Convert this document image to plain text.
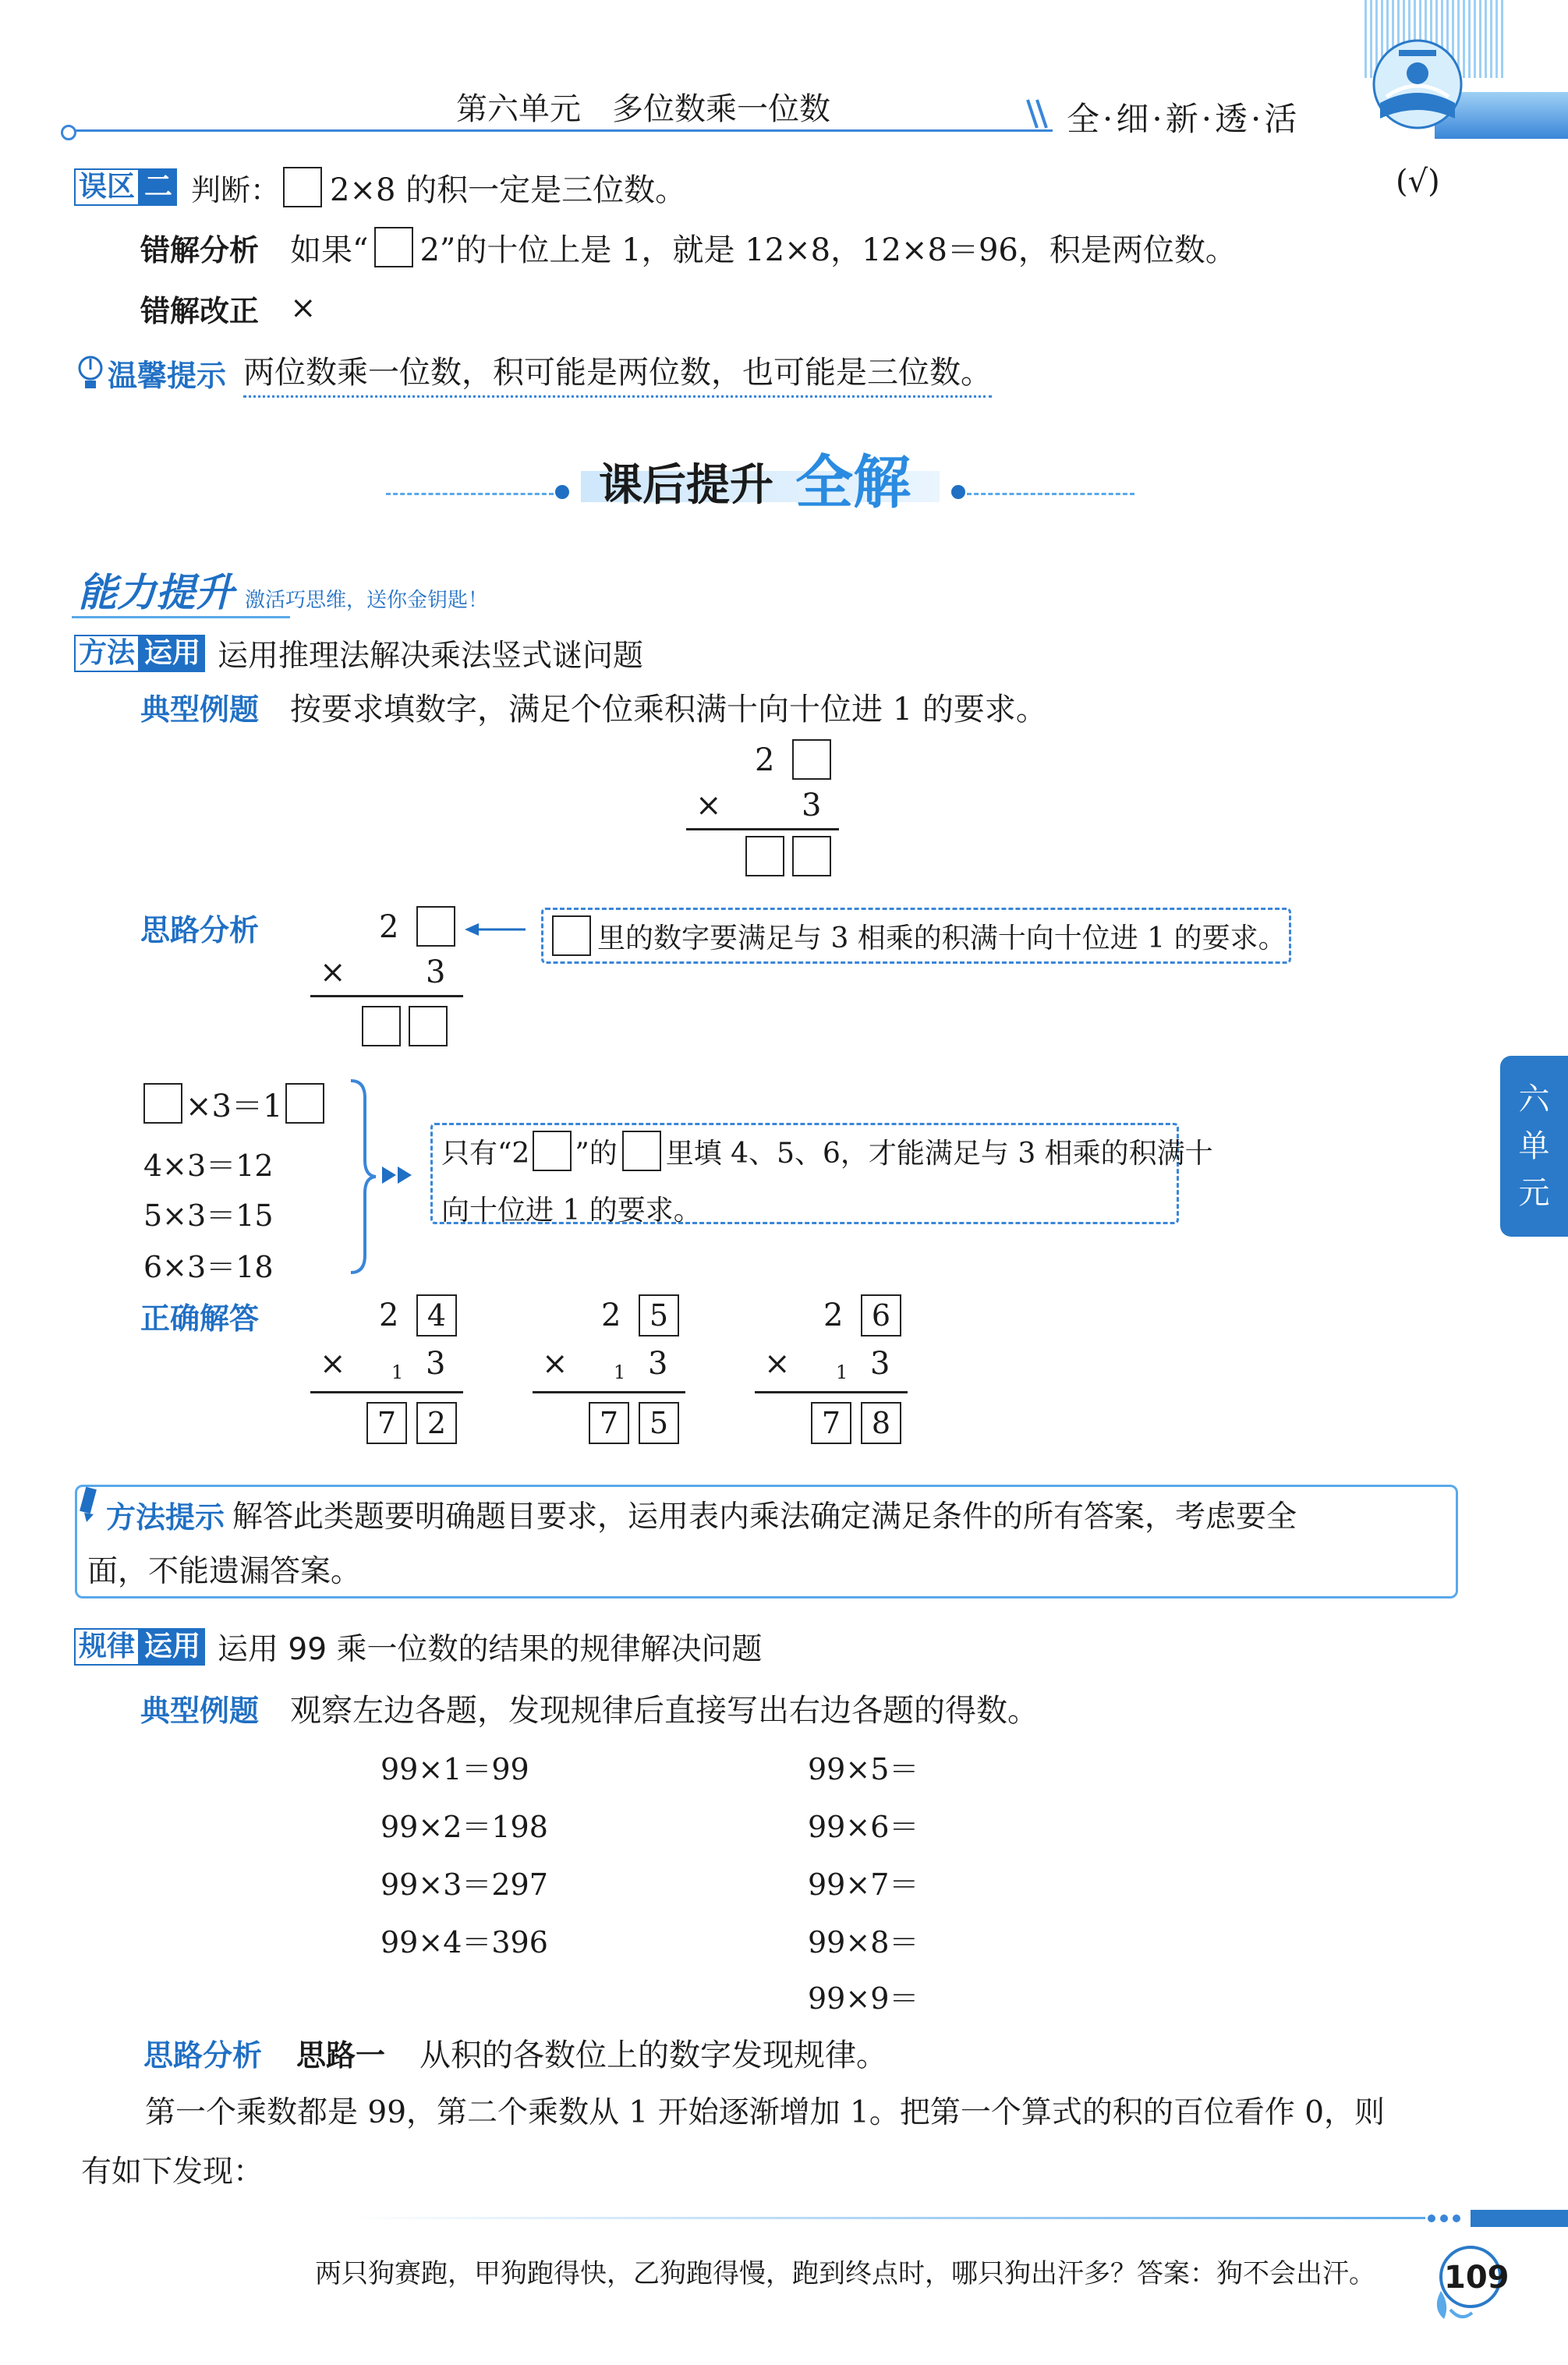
第六单元　多位数乘一位数	全·细·新·透·活
误区 二 判断： 2×8 的积一定是三位数。	(√)
错解分析 如果“ 2”的十位上是 1，就是 12×8，12×8＝96，积是两位数。
错解改正 ×
温馨提示 两位数乘一位数，积可能是两位数，也可能是三位数。
课后提升 全解
能力提升 激活巧思维，送你金钥匙！
方法 运用 运用推理法解决乘法竖式谜问题
典型例题 按要求填数字，满足个位乘积满十向十位进 1 的要求。
2
×	3
思路分析	2
×	3
里的数字要满足与 3 相乘的积满十向十位进 1 的要求。
×3＝1
4×3＝12
5×3＝15
6×3＝18
只有“2 ”的 里填 4、5、6，才能满足与 3 相乘的积满十
向十位进 1 的要求。
正确解答	2 4
× 1 3
7	2
2 5
× 1 3
7	5
2 6
× 1 3
7	8
方法提示 解答此类题要明确题目要求，运用表内乘法确定满足条件的所有答案，考虑要全
面，不能遗漏答案。
规律 运用 运用 99 乘一位数的结果的规律解决问题
典型例题 观察左边各题，发现规律后直接写出右边各题的得数。
99×1＝99
99×2＝198
99×3＝297
99×4＝396
99×5＝
99×6＝
99×7＝
99×8＝
99×9＝
思路分析 思路一 从积的各数位上的数字发现规律。
第一个乘数都是 99，第二个乘数从 1 开始逐渐增加 1。把第一个算式的积的百位看作 0，则
有如下发现：
六
单
元
两只狗赛跑，甲狗跑得快，乙狗跑得慢，跑到终点时，哪只狗出汗多？答案：狗不会出汗。 109
